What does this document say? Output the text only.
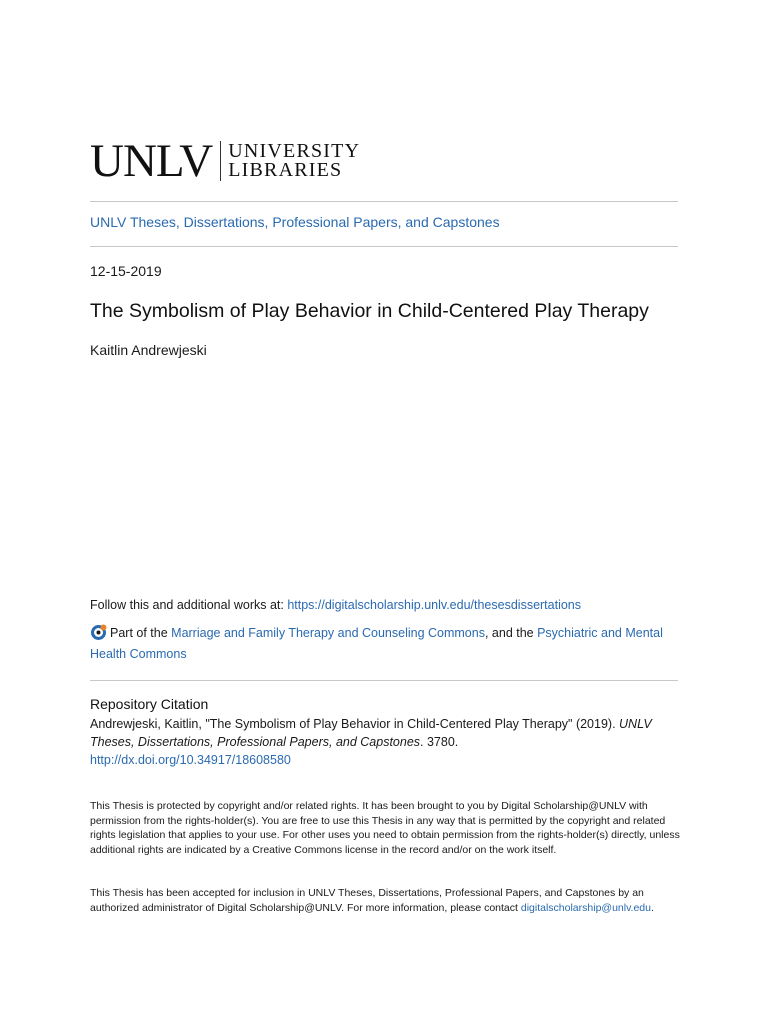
UNLV UNIVERSITY
LIBRARIES
UNLV Theses, Dissertations, Professional Papers, and Capstones
12-15-2019
The Symbolism of Play Behavior in Child-Centered Play Therapy
Kaitlin Andrewjeski
Follow this and additional works at: https://digitalscholarship.unlv.edu/thesesdissertations
Part of the Marriage and Family Therapy and Counseling Commons, and the Psychiatric and Mental Health Commons
Repository Citation
Andrewjeski, Kaitlin, "The Symbolism of Play Behavior in Child-Centered Play Therapy" (2019). UNLV Theses, Dissertations, Professional Papers, and Capstones. 3780.
http://dx.doi.org/10.34917/18608580
This Thesis is protected by copyright and/or related rights. It has been brought to you by Digital Scholarship@UNLV with permission from the rights-holder(s). You are free to use this Thesis in any way that is permitted by the copyright and related rights legislation that applies to your use. For other uses you need to obtain permission from the rights-holder(s) directly, unless additional rights are indicated by a Creative Commons license in the record and/or on the work itself.
This Thesis has been accepted for inclusion in UNLV Theses, Dissertations, Professional Papers, and Capstones by an authorized administrator of Digital Scholarship@UNLV. For more information, please contact digitalscholarship@unlv.edu.
